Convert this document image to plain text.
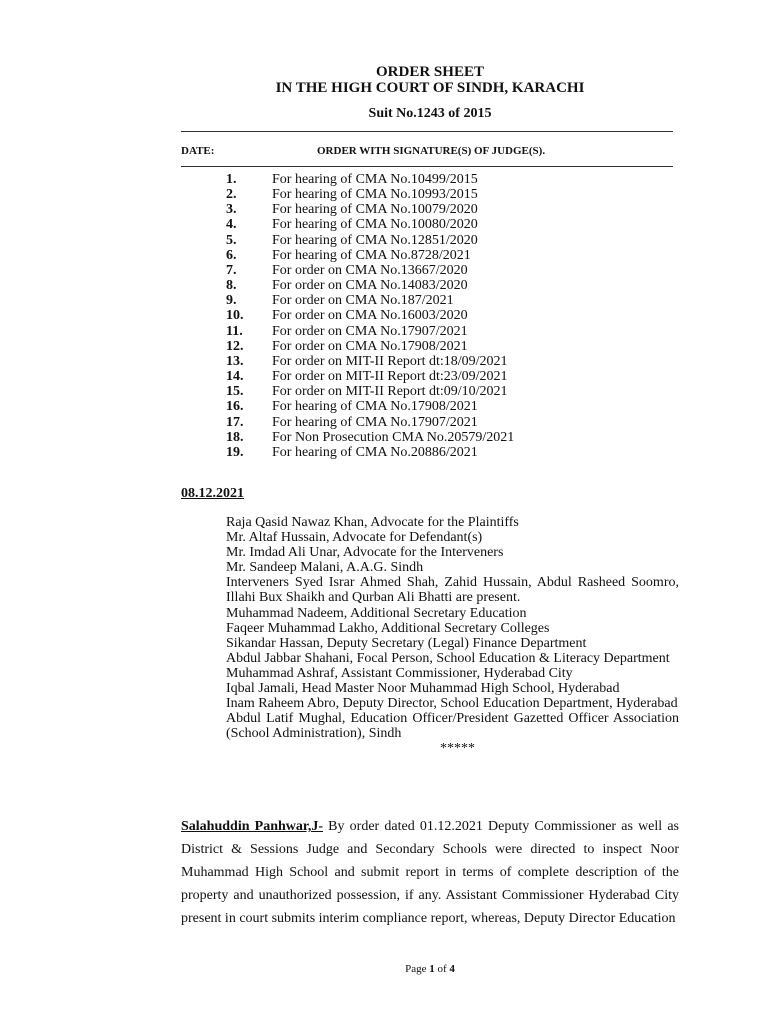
ORDER SHEET
IN THE HIGH COURT OF SINDH, KARACHI
Suit No.1243 of 2015
DATE:	ORDER WITH SIGNATURE(S) OF JUDGE(S).
1.	For hearing of CMA No.10499/2015
2.	For hearing of CMA No.10993/2015
3.	For hearing of CMA No.10079/2020
4.	For hearing of CMA No.10080/2020
5.	For hearing of CMA No.12851/2020
6.	For hearing of CMA No.8728/2021
7.	For order on CMA No.13667/2020
8.	For order on CMA No.14083/2020
9.	For order on CMA No.187/2021
10.	For order on CMA No.16003/2020
11.	For order on CMA No.17907/2021
12.	For order on CMA No.17908/2021
13.	For order on MIT-II Report dt:18/09/2021
14.	For order on MIT-II Report dt:23/09/2021
15.	For order on MIT-II Report dt:09/10/2021
16.	For hearing of CMA No.17908/2021
17.	For hearing of CMA No.17907/2021
18.	For Non Prosecution CMA No.20579/2021
19.	For hearing of CMA No.20886/2021
08.12.2021
Raja Qasid Nawaz Khan, Advocate for the Plaintiffs
Mr. Altaf Hussain, Advocate for Defendant(s)
Mr. Imdad Ali Unar, Advocate for the Interveners
Mr. Sandeep Malani, A.A.G. Sindh
Interveners Syed Israr Ahmed Shah, Zahid Hussain, Abdul Rasheed Soomro, Illahi Bux Shaikh and Qurban Ali Bhatti are present.
Muhammad Nadeem, Additional Secretary Education
Faqeer Muhammad Lakho, Additional Secretary Colleges
Sikandar Hassan, Deputy Secretary (Legal) Finance Department
Abdul Jabbar Shahani, Focal Person, School Education & Literacy Department
Muhammad Ashraf, Assistant Commissioner, Hyderabad City
Iqbal Jamali, Head Master Noor Muhammad High School, Hyderabad
Inam Raheem Abro, Deputy Director, School Education Department, Hyderabad
Abdul Latif Mughal, Education Officer/President Gazetted Officer Association (School Administration), Sindh
*****
Salahuddin Panhwar,J- By order dated 01.12.2021 Deputy Commissioner as well as District & Sessions Judge and Secondary Schools were directed to inspect Noor Muhammad High School and submit report in terms of complete description of the property and unauthorized possession, if any. Assistant Commissioner Hyderabad City present in court submits interim compliance report, whereas, Deputy Director Education
Page 1 of 4
